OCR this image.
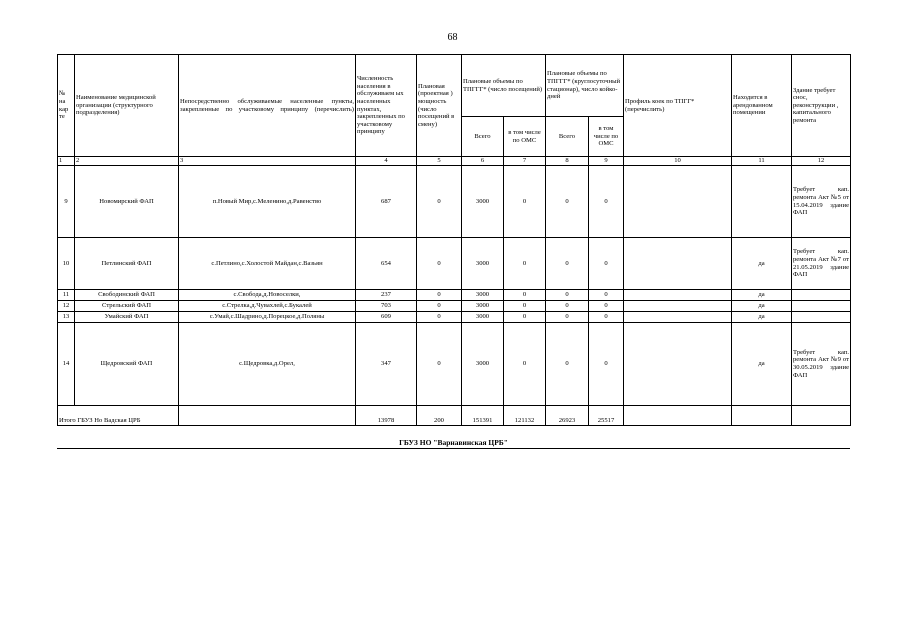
68
№ на кар те	Наименование медицинской организации (структурного подразделения)	Непосредственно обслуживаемые населенные пункты, закрепленные по участковому принципу (перечислить)	Численность населения в обслуживаем ых населенных пунктах, закрепленных по участковому принципу	Плановая (проектная ) мощность (число посещений в смену)	Плановые объемы по ТПГГГ* (число посещений)		Плановые объемы по ТПГГГ* (круглосуточный стационар), число койко-дней		Профиль коек по ТПГГ* (перечислить)	Находится в арендованном помещении	Здание требует снос, реконструкции , капитального ремонта
					Всего	в том числе по ОМС	Всего	в том числе по ОМС			
1	2	3	4	5	6	7	8	9	10	11	12
9	Новомирский ФАП	п.Новый Мир,с.Меленино,д.Равенство	687	0	3000	0	0	0			Требует кап. ремонта Акт №5 от 15.04.2019 здание ФАП
10	Петлинский ФАП	с.Петлино,с.Холостой Майдан,с.Вазьян	654	0	3000	0	0	0		да	Требует кап. ремонта Акт №7 от 21.05.2019 здание ФАП
11	Свободинский ФАП	с.Свобода,д.Новоселки,	237	0	3000	0	0	0		да	
12	Стрельский ФАП	с.Стрелка,д.Чувахлей,с.Букалей	703	0	3000	0	0	0		да	
13	Умайский ФАП	с.Умай,с.Шадрино,д.Порецкое,д.Поляны	609	0	3000	0	0	0		да	
14	Щедровский ФАП	с.Щедровка,д.Орел,	347	0	3000	0	0	0		да	Требует кап. ремонта Акт №9 от 30.05.2019 здание ФАП
Итого ГБУЗ Но Вадская ЦРБ			13978	200	151391	121132	26923	25517			
ГБУЗ НО "Варнавинская ЦРБ"
